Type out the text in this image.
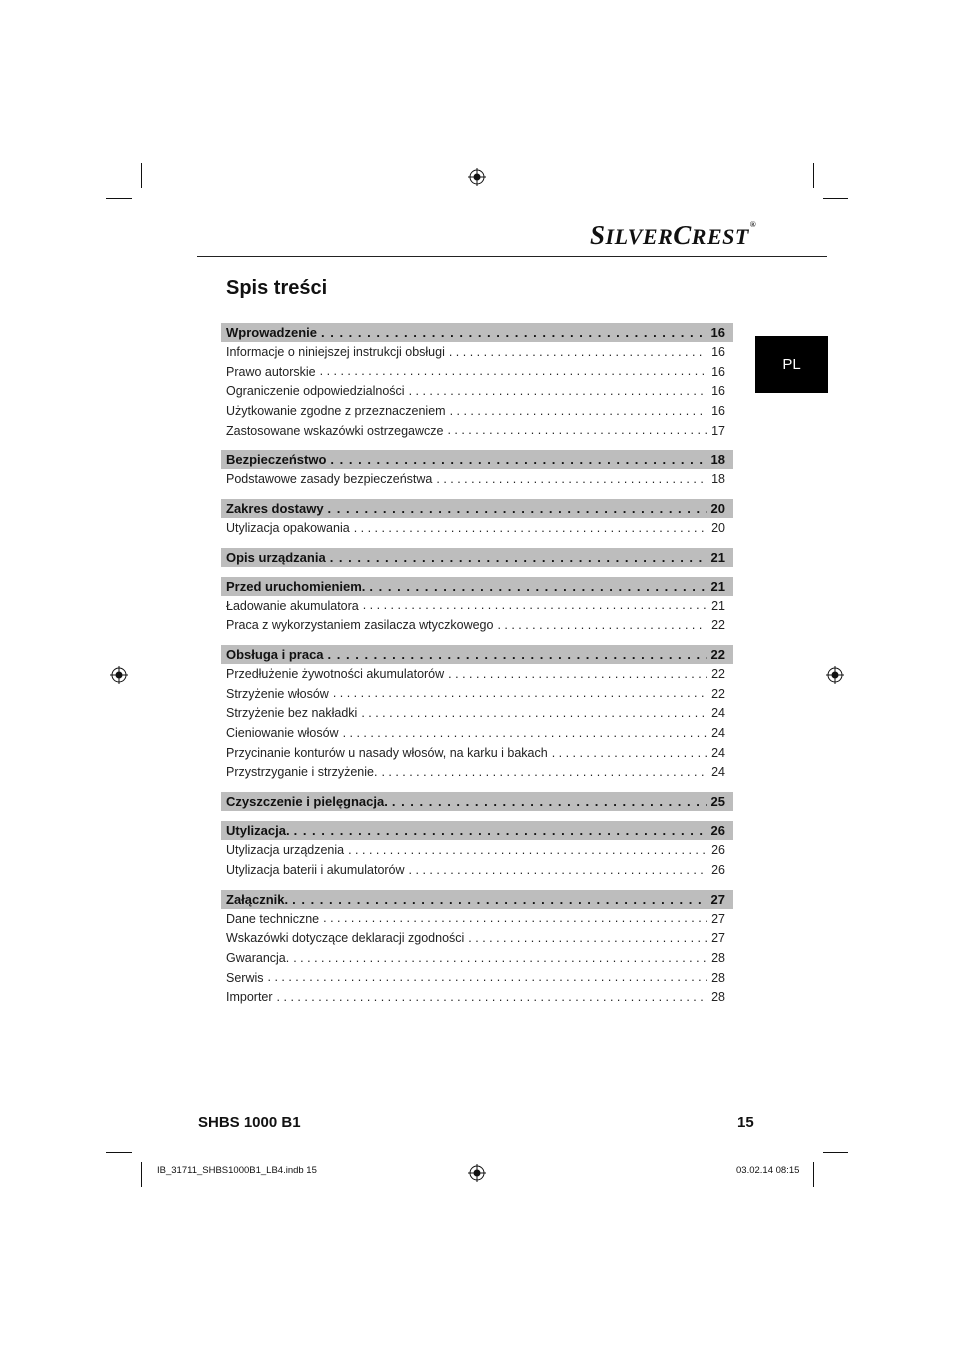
SILVERCREST®
Spis treści
PL
Wprowadzenie . . .	16
Informacje o niniejszej instrukcji obsługi . . .	16
Prawo autorskie . . .	16
Ograniczenie odpowiedzialności . . .	16
Użytkowanie zgodne z przeznaczeniem . . .	16
Zastosowane wskazówki ostrzegawcze . . .	17
Bezpieczeństwo . . .	18
Podstawowe zasady bezpieczeństwa . . .	18
Zakres dostawy . . .	20
Utylizacja opakowania . . .	20
Opis urządzania . . .	21
Przed uruchomieniem. . . .	21
Ładowanie akumulatora . . .	21
Praca z wykorzystaniem zasilacza wtyczkowego . . .	22
Obsługa i praca . . .	22
Przedłużenie żywotności akumulatorów . . .	22
Strzyżenie włosów . . .	22
Strzyżenie bez nakładki . . .	24
Cieniowanie włosów . . .	24
Przycinanie konturów u nasady włosów, na karku i bakach . . .	24
Przystrzyganie i strzyżenie. . . .	24
Czyszczenie i pielęgnacja. . . .	25
Utylizacja. . . .	26
Utylizacja urządzenia . . .	26
Utylizacja baterii i akumulatorów . . .	26
Załącznik. . . .	27
Dane techniczne . . .	27
Wskazówki dotyczące deklaracji zgodności . . .	27
Gwarancja. . . .	28
Serwis . . .	28
Importer . . .	28
SHBS 1000 B1	15
IB_31711_SHBS1000B1_LB4.indb 15	03.02.14 08:15
